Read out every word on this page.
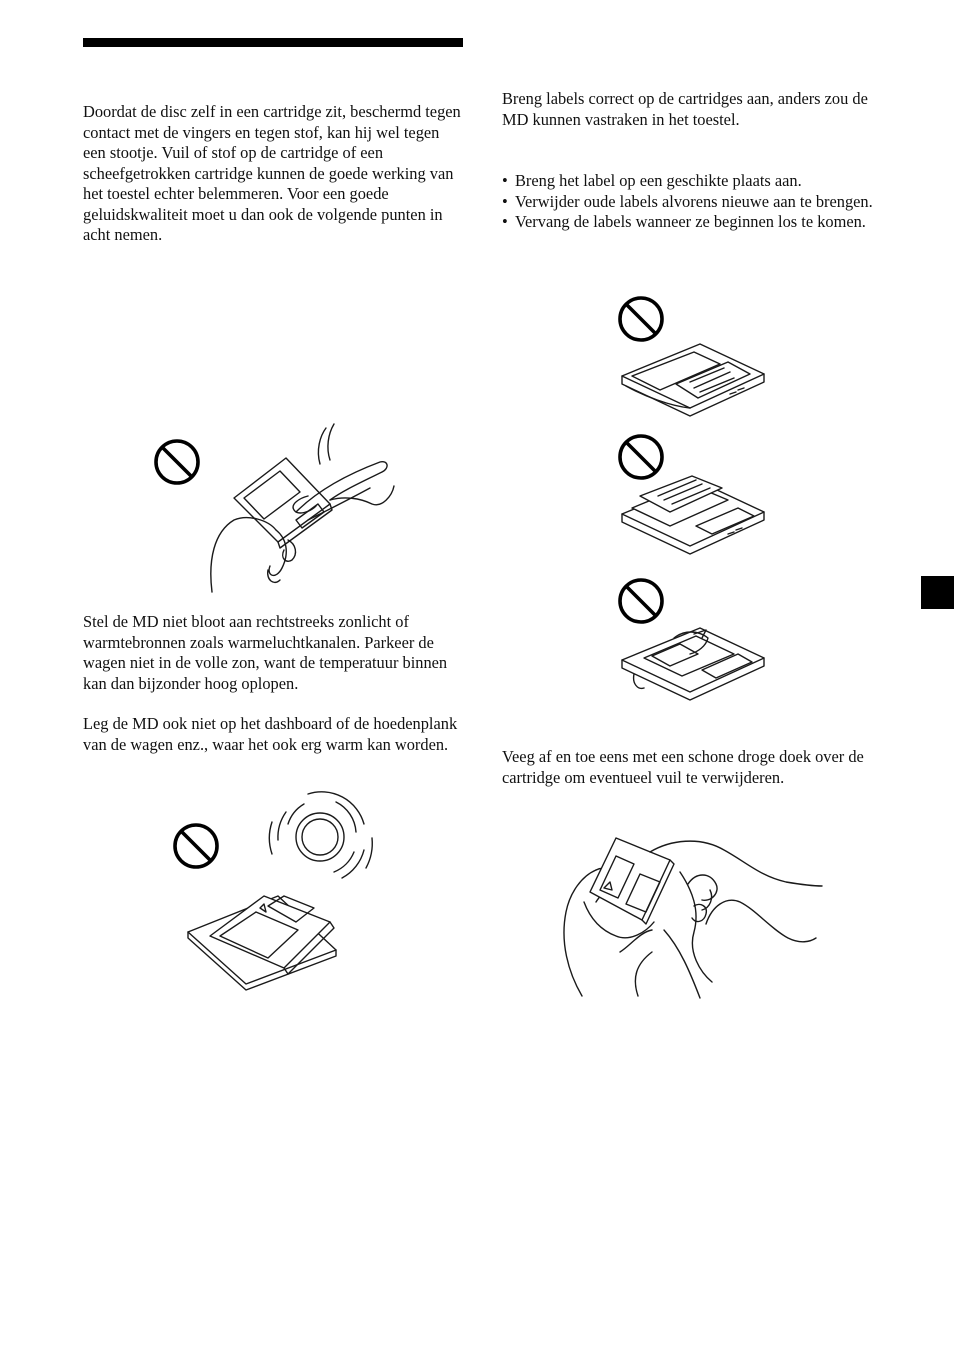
Doordat de disc zelf in een cartridge zit, beschermd tegen contact met de vingers en tegen stof, kan hij wel tegen een stootje. Vuil of stof op de cartridge of een scheefgetrokken cartridge kunnen de goede werking van het toestel echter belemmeren. Voor een goede geluidskwaliteit moet u dan ook de volgende punten in acht nemen.

Stel de MD niet bloot aan rechtstreeks zonlicht of warmtebronnen zoals warmeluchtkanalen. Parkeer de wagen niet in de volle zon, want de temperatuur binnen kan dan bijzonder hoog oplopen.

Leg de MD ook niet op het dashboard of de hoedenplank van de wagen enz., waar het ook erg warm kan worden.

Breng labels correct op de cartridges aan, anders zou de MD kunnen vastraken in het toestel.

• Breng het label op een geschikte plaats aan.
• Verwijder oude labels alvorens nieuwe aan te brengen.
• Vervang de labels wanneer ze beginnen los te komen.

Veeg af en toe eens met een schone droge doek over de cartridge om eventueel vuil te verwijderen.
